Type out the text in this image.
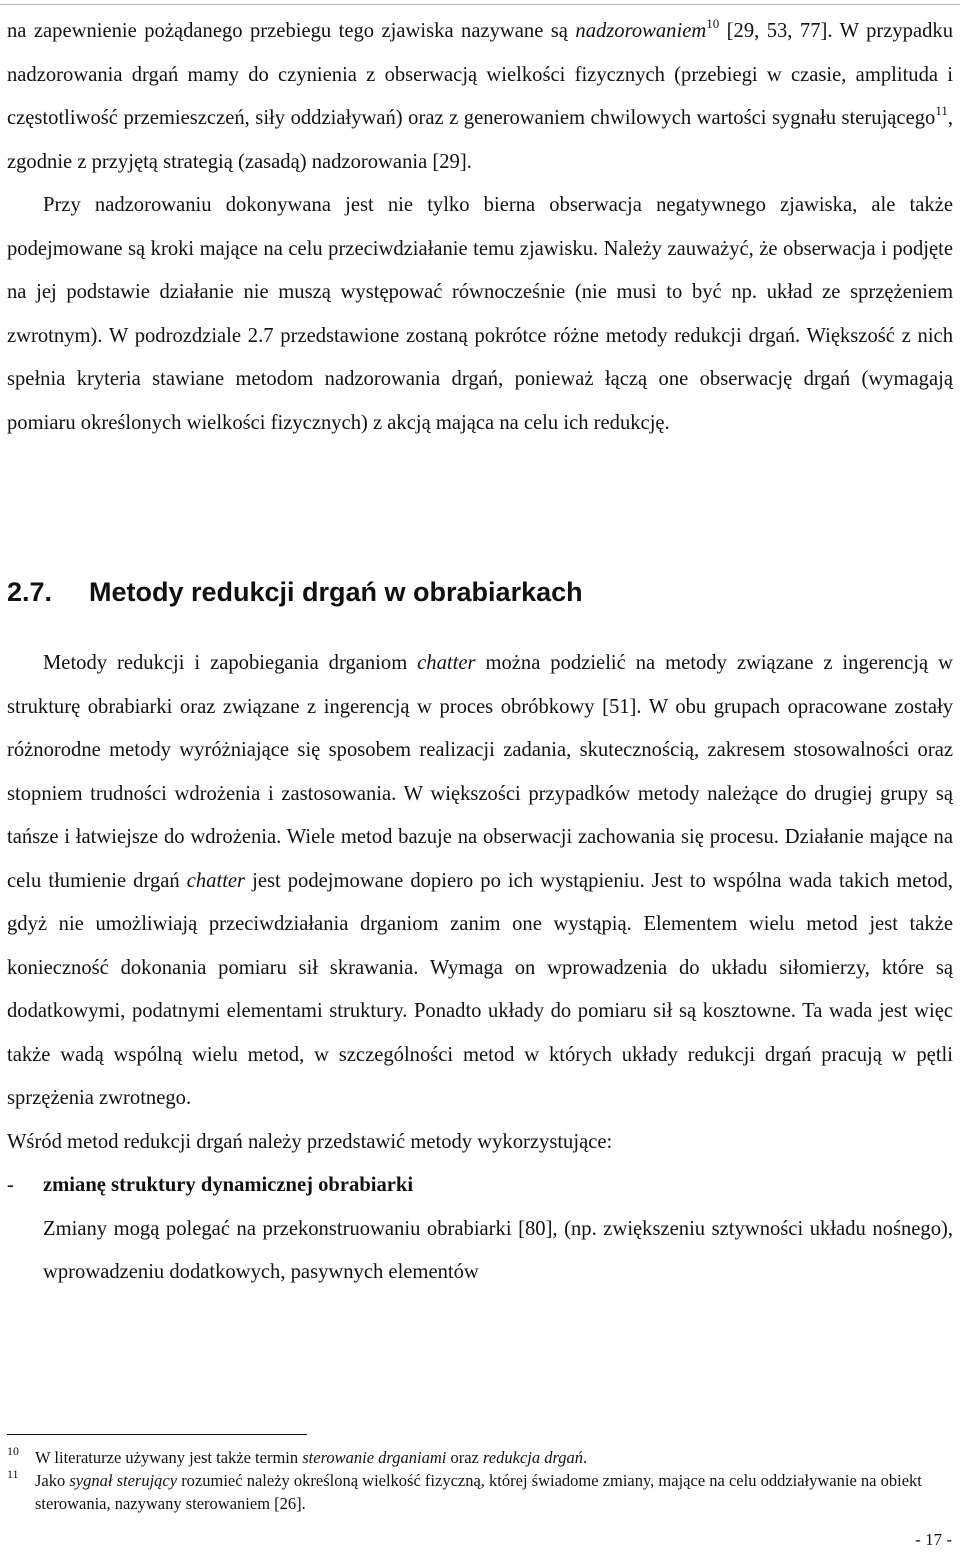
na zapewnienie pożądanego przebiegu tego zjawiska nazywane są nadzorowaniem$^{10}$ [29, 53, 77]. W przypadku nadzorowania drgań mamy do czynienia z obserwacją wielkości fizycznych (przebiegi w czasie, amplituda i częstotliwość przemieszczeń, siły oddziaływań) oraz z generowaniem chwilowych wartości sygnału sterującego$^{11}$, zgodnie z przyjętą strategią (zasadą) nadzorowania [29].

Przy nadzorowaniu dokonywana jest nie tylko bierna obserwacja negatywnego zjawiska, ale także podejmowane są kroki mające na celu przeciwdziałanie temu zjawisku. Należy zauważyć, że obserwacja i podjęte na jej podstawie działanie nie muszą występować równocześnie (nie musi to być np. układ ze sprzężeniem zwrotnym). W podrozdziale 2.7 przedstawione zostaną pokrótce różne metody redukcji drgań. Większość z nich spełnia kryteria stawiane metodom nadzorowania drgań, ponieważ łączą one obserwację drgań (wymagają pomiaru określonych wielkości fizycznych) z akcją mająca na celu ich redukcję.

2.7. Metody redukcji drgań w obrabiarkach

Metody redukcji i zapobiegania drganiom chatter można podzielić na metody związane z ingerencją w strukturę obrabiarki oraz związane z ingerencją w proces obróbkowy [51]. W obu grupach opracowane zostały różnorodne metody wyróżniające się sposobem realizacji zadania, skutecznością, zakresem stosowalności oraz stopniem trudności wdrożenia i zastosowania. W większości przypadków metody należące do drugiej grupy są tańsze i łatwiejsze do wdrożenia. Wiele metod bazuje na obserwacji zachowania się procesu. Działanie mające na celu tłumienie drgań chatter jest podejmowane dopiero po ich wystąpieniu. Jest to wspólna wada takich metod, gdyż nie umożliwiają przeciwdziałania drganiom zanim one wystąpią. Elementem wielu metod jest także konieczność dokonania pomiaru sił skrawania. Wymaga on wprowadzenia do układu siłomierzy, które są dodatkowymi, podatnymi elementami struktury. Ponadto układy do pomiaru sił są kosztowne. Ta wada jest więc także wadą wspólną wielu metod, w szczególności metod w których układy redukcji drgań pracują w pętli sprzężenia zwrotnego.

Wśród metod redukcji drgań należy przedstawić metody wykorzystujące:

-	zmianę struktury dynamicznej obrabiarki

Zmiany mogą polegać na przekonstruowaniu obrabiarki [80], (np. zwiększeniu sztywności układu nośnego), wprowadzeniu dodatkowych, pasywnych elementów

10 W literaturze używany jest także termin sterowanie drganiami oraz redukcja drgań.
11 Jako sygnał sterujący rozumieć należy określoną wielkość fizyczną, której świadome zmiany, mające na celu oddziaływanie na obiekt sterowania, nazywany sterowaniem [26].
- 17 -
